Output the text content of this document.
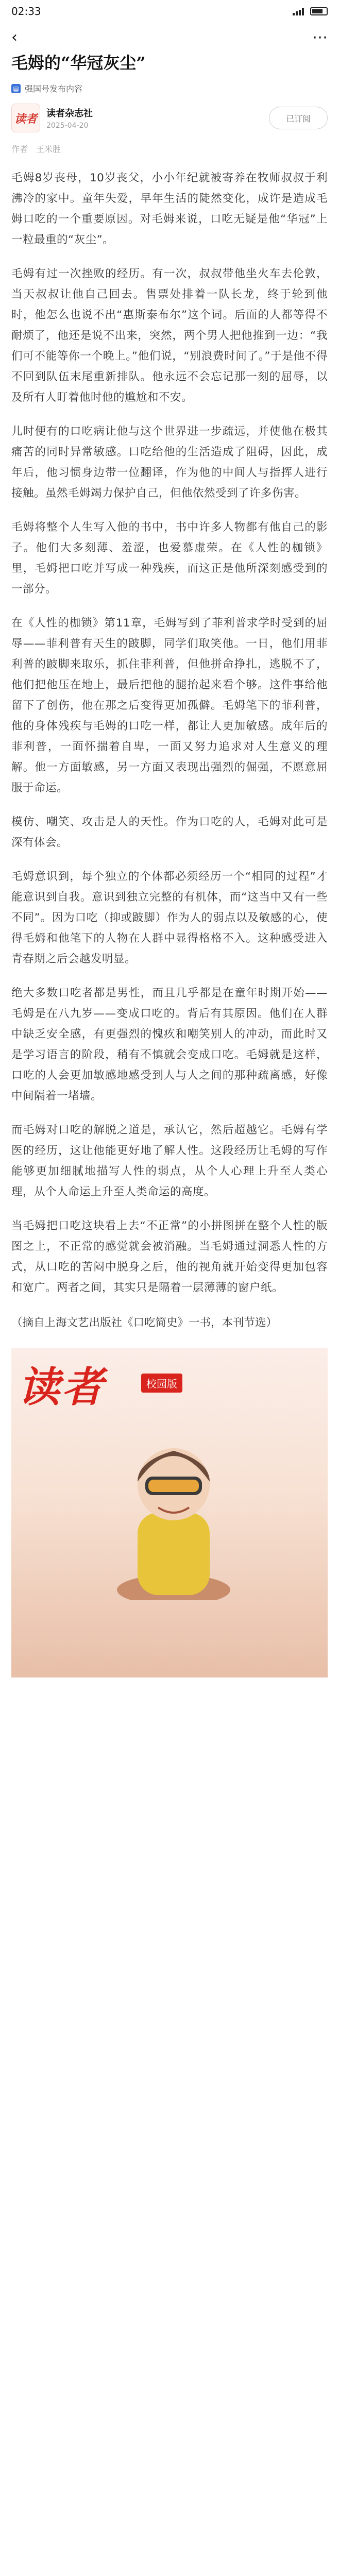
02:33
‹	⋯
毛姆的“华冠灰尘”
▤ 强国号发布内容
读者 读者杂志社
2025-04-20
已订阅
作者　王米胜

毛姆8岁丧母，10岁丧父，小小年纪就被寄养在牧师叔叔于利沸冷的家中。童年失爱，早年生活的陡然变化，成许是造成毛姆口吃的一个重要原因。对毛姆来说，口吃无疑是他“华冠”上一粒最重的“灰尘”。

毛姆有过一次挫败的经历。有一次，叔叔带他坐火车去伦敦，当天叔叔让他自己回去。售票处排着一队长龙，终于轮到他时，他怎么也说不出“惠斯泰布尔”这个词。后面的人都等得不耐烦了，他还是说不出来，突然，两个男人把他推到一边：“我们可不能等你一个晚上。”他们说，“别浪费时间了。”于是他不得不回到队伍末尾重新排队。他永远不会忘记那一刻的屈辱，以及所有人盯着他时他的尴尬和不安。

儿时便有的口吃病让他与这个世界进一步疏远，并使他在极其痛苦的同时异常敏感。口吃给他的生活造成了阻碍，因此，成年后，他习惯身边带一位翻译，作为他的中间人与指挥人进行接触。虽然毛姆竭力保护自己，但他依然受到了许多伤害。

毛姆将整个人生写入他的书中，书中许多人物都有他自己的影子。他们大多刻薄、羞涩，也爱慕虚荣。在《人性的枷锁》里，毛姆把口吃并写成一种残疾，而这正是他所深刻感受到的一部分。

在《人性的枷锁》第11章，毛姆写到了菲利普求学时受到的屈辱——菲利普有天生的跛脚，同学们取笑他。一日，他们用菲利普的跛脚来取乐，抓住菲利普，但他拼命挣扎，逃脱不了，他们把他压在地上，最后把他的腿抬起来看个够。这件事给他留下了创伤，他在那之后变得更加孤僻。毛姆笔下的菲利普，他的身体残疾与毛姆的口吃一样，都让人更加敏感。成年后的菲利普，一面怀揣着自卑，一面又努力追求对人生意义的理解。他一方面敏感，另一方面又表现出强烈的倔强，不愿意屈服于命运。

模仿、嘲笑、攻击是人的天性。作为口吃的人，毛姆对此可是深有体会。

毛姆意识到，每个独立的个体都必须经历一个“相同的过程”才能意识到自我。意识到独立完整的有机体，而“这当中又有一些不同”。因为口吃（抑或跛脚）作为人的弱点以及敏感的心，使得毛姆和他笔下的人物在人群中显得格格不入。这种感受进入青春期之后会越发明显。

绝大多数口吃者都是男性，而且几乎都是在童年时期开始——毛姆是在八九岁——变成口吃的。背后有其原因。他们在人群中缺乏安全感，有更强烈的愧疚和嘲笑别人的冲动，而此时又是学习语言的阶段，稍有不慎就会变成口吃。毛姆就是这样，口吃的人会更加敏感地感受到人与人之间的那种疏离感，好像中间隔着一堵墙。

而毛姆对口吃的解脱之道是，承认它，然后超越它。毛姆有学医的经历，这让他能更好地了解人性。这段经历让毛姆的写作能够更加细腻地描写人性的弱点，从个人心理上升至人类心理，从个人命运上升至人类命运的高度。

当毛姆把口吃这块看上去“不正常”的小拼图拼在整个人性的版图之上，不正常的感觉就会被消融。当毛姆通过洞悉人性的方式，从口吃的苦闷中脱身之后，他的视角就开始变得更加包容和宽广。两者之间，其实只是隔着一层薄薄的窗户纸。

（摘自上海文艺出版社《口吃简史》一书，本刊节选）
读者	校园版
